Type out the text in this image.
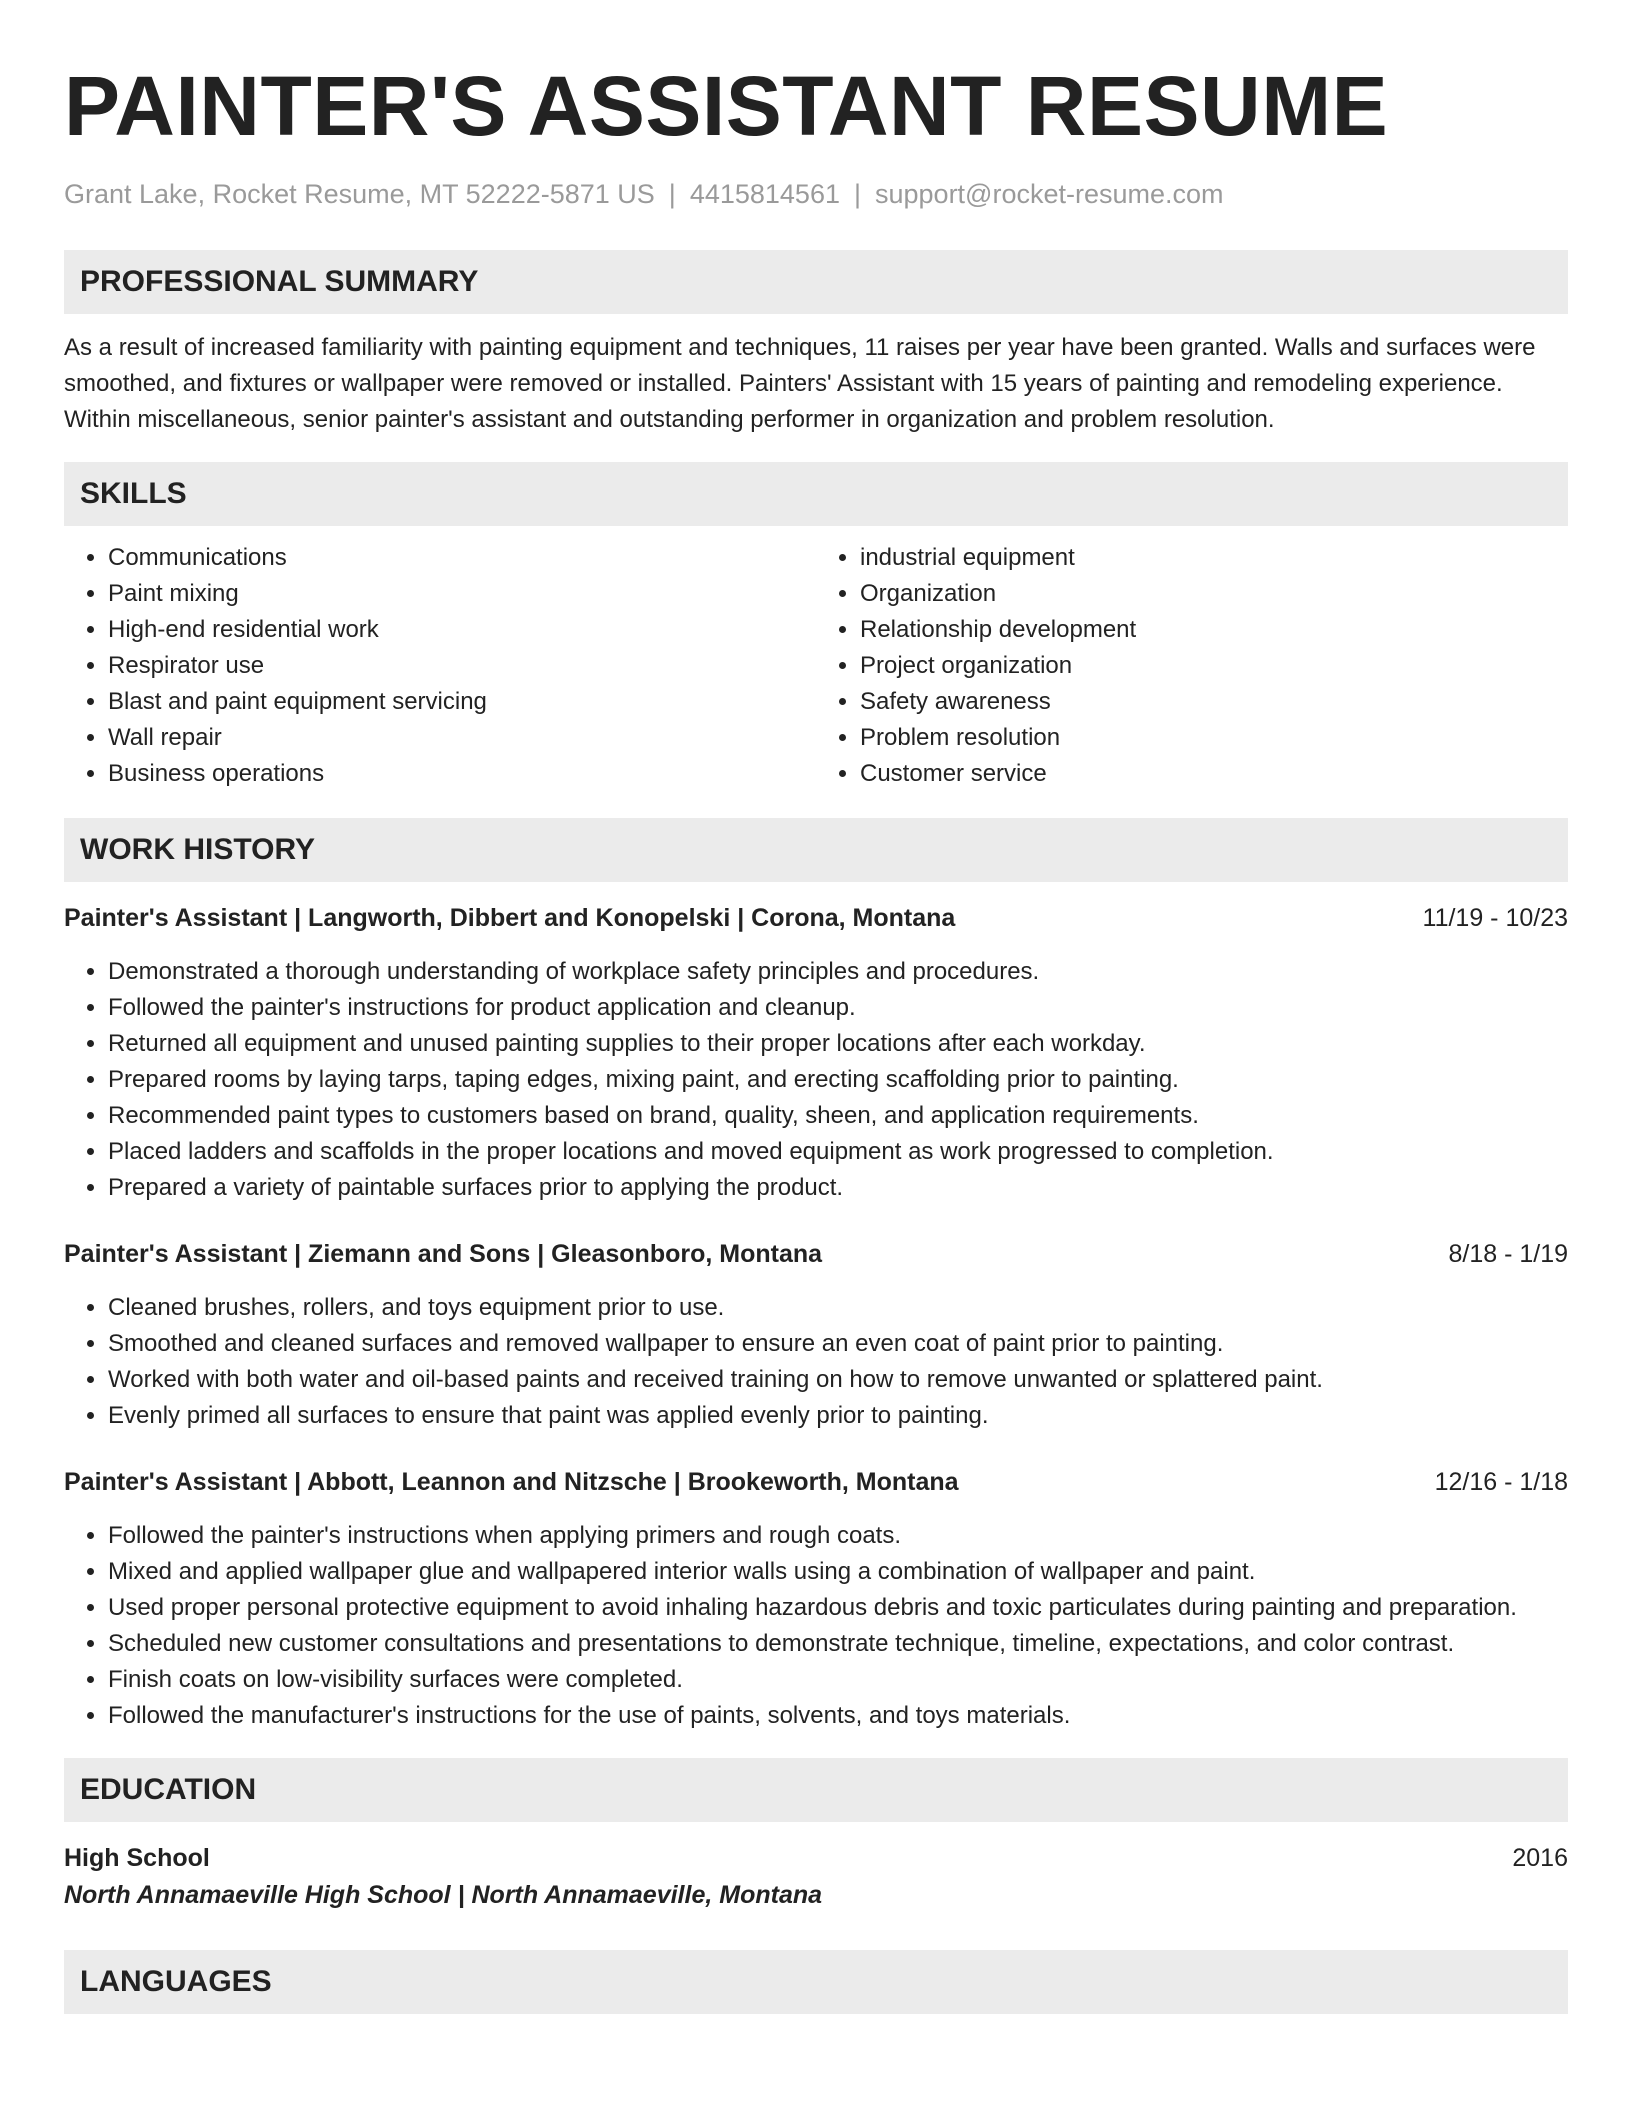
PAINTER'S ASSISTANT RESUME
Grant Lake, Rocket Resume, MT 52222-5871 US | 4415814561 | support@rocket-resume.com
PROFESSIONAL SUMMARY
As a result of increased familiarity with painting equipment and techniques, 11 raises per year have been granted. Walls and surfaces were smoothed, and fixtures or wallpaper were removed or installed. Painters' Assistant with 15 years of painting and remodeling experience. Within miscellaneous, senior painter's assistant and outstanding performer in organization and problem resolution.
SKILLS
• Communications
• Paint mixing
• High-end residential work
• Respirator use
• Blast and paint equipment servicing
• Wall repair
• Business operations
• industrial equipment
• Organization
• Relationship development
• Project organization
• Safety awareness
• Problem resolution
• Customer service
WORK HISTORY
Painter's Assistant | Langworth, Dibbert and Konopelski | Corona, Montana	11/19 - 10/23
• Demonstrated a thorough understanding of workplace safety principles and procedures.
• Followed the painter's instructions for product application and cleanup.
• Returned all equipment and unused painting supplies to their proper locations after each workday.
• Prepared rooms by laying tarps, taping edges, mixing paint, and erecting scaffolding prior to painting.
• Recommended paint types to customers based on brand, quality, sheen, and application requirements.
• Placed ladders and scaffolds in the proper locations and moved equipment as work progressed to completion.
• Prepared a variety of paintable surfaces prior to applying the product.
Painter's Assistant | Ziemann and Sons | Gleasonboro, Montana	8/18 - 1/19
• Cleaned brushes, rollers, and toys equipment prior to use.
• Smoothed and cleaned surfaces and removed wallpaper to ensure an even coat of paint prior to painting.
• Worked with both water and oil-based paints and received training on how to remove unwanted or splattered paint.
• Evenly primed all surfaces to ensure that paint was applied evenly prior to painting.
Painter's Assistant | Abbott, Leannon and Nitzsche | Brookeworth, Montana	12/16 - 1/18
• Followed the painter's instructions when applying primers and rough coats.
• Mixed and applied wallpaper glue and wallpapered interior walls using a combination of wallpaper and paint.
• Used proper personal protective equipment to avoid inhaling hazardous debris and toxic particulates during painting and preparation.
• Scheduled new customer consultations and presentations to demonstrate technique, timeline, expectations, and color contrast.
• Finish coats on low-visibility surfaces were completed.
• Followed the manufacturer's instructions for the use of paints, solvents, and toys materials.
EDUCATION
High School	2016
North Annamaeville High School | North Annamaeville, Montana
LANGUAGES
